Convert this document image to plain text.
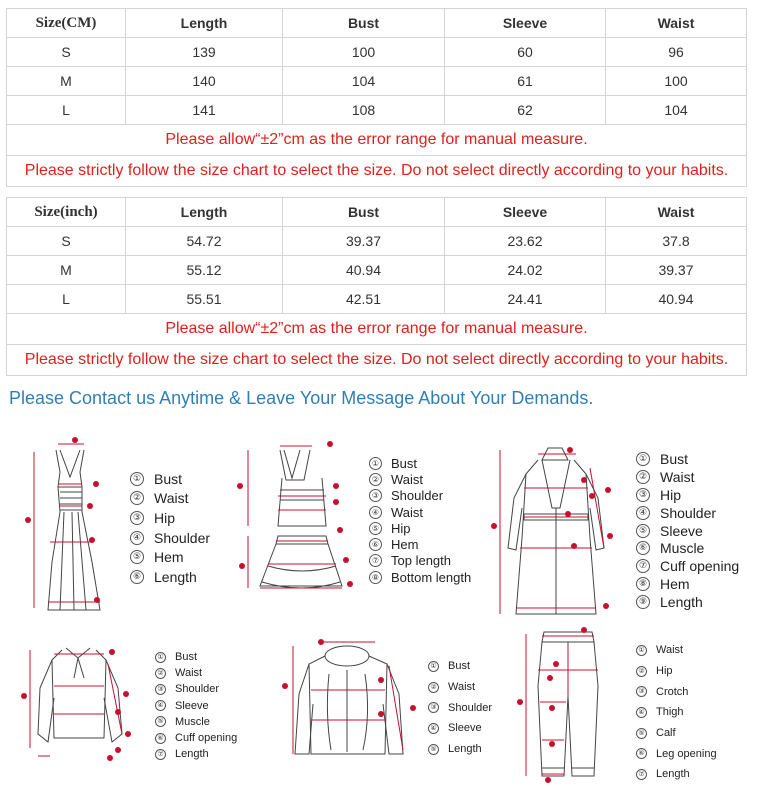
Size(CM)	Length	Bust	Sleeve	Waist
S	139	100	60	96
M	140	104	61	100
L	141	108	62	104
Please allow“±2”cm as the error range for manual measure.				
Please strictly follow the size chart to select the size. Do not select directly according to your habits.				
Size(inch)	Length	Bust	Sleeve	Waist
S	54.72	39.37	23.62	37.8
M	55.12	40.94	24.02	39.37
L	55.51	42.51	24.41	40.94
Please allow“±2”cm as the error range for manual measure.				
Please strictly follow the size chart to select the size. Do not select directly according to your habits.				
Please Contact us Anytime & Leave Your Message About Your Demands.
① Bust
② Waist
③ Hip
④ Shoulder
⑤ Hem
⑥ Length
① Bust
② Waist
③ Shoulder
④ Waist
⑤ Hip
⑥ Hem
⑦ Top length
⑧ Bottom length
① Bust
② Waist
③ Hip
④ Shoulder
⑤ Sleeve
⑥ Muscle
⑦ Cuff opening
⑧ Hem
⑨ Length
① Bust
② Waist
③ Shoulder
④ Sleeve
⑤ Muscle
⑥ Cuff opening
⑦ Length
① Bust
② Waist
③ Shoulder
④ Sleeve
⑤ Length
① Waist
② Hip
③ Crotch
④ Thigh
⑤ Calf
⑥ Leg opening
⑦ Length
